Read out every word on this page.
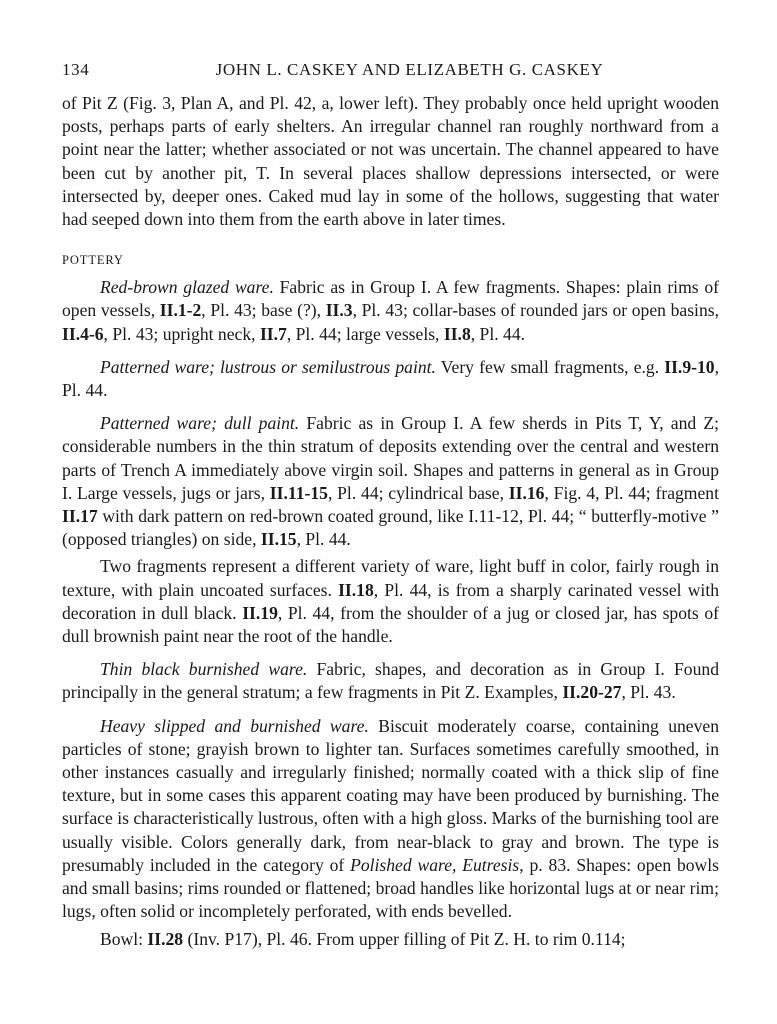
134	JOHN L. CASKEY AND ELIZABETH G. CASKEY

of Pit Z (Fig. 3, Plan A, and Pl. 42, a, lower left). They probably once held upright wooden posts, perhaps parts of early shelters. An irregular channel ran roughly northward from a point near the latter; whether associated or not was uncertain. The channel appeared to have been cut by another pit, T. In several places shallow depressions intersected, or were intersected by, deeper ones. Caked mud lay in some of the hollows, suggesting that water had seeped down into them from the earth above in later times.

POTTERY

Red-brown glazed ware. Fabric as in Group I. A few fragments. Shapes: plain rims of open vessels, II.1-2, Pl. 43; base (?), II.3, Pl. 43; collar-bases of rounded jars or open basins, II.4-6, Pl. 43; upright neck, II.7, Pl. 44; large vessels, II.8, Pl. 44.

Patterned ware; lustrous or semilustrous paint. Very few small fragments, e.g. II.9-10, Pl. 44.

Patterned ware; dull paint. Fabric as in Group I. A few sherds in Pits T, Y, and Z; considerable numbers in the thin stratum of deposits extending over the central and western parts of Trench A immediately above virgin soil. Shapes and patterns in general as in Group I. Large vessels, jugs or jars, II.11-15, Pl. 44; cylindrical base, II.16, Fig. 4, Pl. 44; fragment II.17 with dark pattern on red-brown coated ground, like I.11-12, Pl. 44; “ butterfly-motive ” (opposed triangles) on side, II.15, Pl. 44.

Two fragments represent a different variety of ware, light buff in color, fairly rough in texture, with plain uncoated surfaces. II.18, Pl. 44, is from a sharply carinated vessel with decoration in dull black. II.19, Pl. 44, from the shoulder of a jug or closed jar, has spots of dull brownish paint near the root of the handle.

Thin black burnished ware. Fabric, shapes, and decoration as in Group I. Found principally in the general stratum; a few fragments in Pit Z. Examples, II.20-27, Pl. 43.

Heavy slipped and burnished ware. Biscuit moderately coarse, containing uneven particles of stone; grayish brown to lighter tan. Surfaces sometimes carefully smoothed, in other instances casually and irregularly finished; normally coated with a thick slip of fine texture, but in some cases this apparent coating may have been produced by burnishing. The surface is characteristically lustrous, often with a high gloss. Marks of the burnishing tool are usually visible. Colors generally dark, from near-black to gray and brown. The type is presumably included in the category of Polished ware, Eutresis, p. 83. Shapes: open bowls and small basins; rims rounded or flattened; broad handles like horizontal lugs at or near rim; lugs, often solid or incompletely perforated, with ends bevelled.

Bowl: II.28 (Inv. P17), Pl. 46. From upper filling of Pit Z. H. to rim 0.114;
